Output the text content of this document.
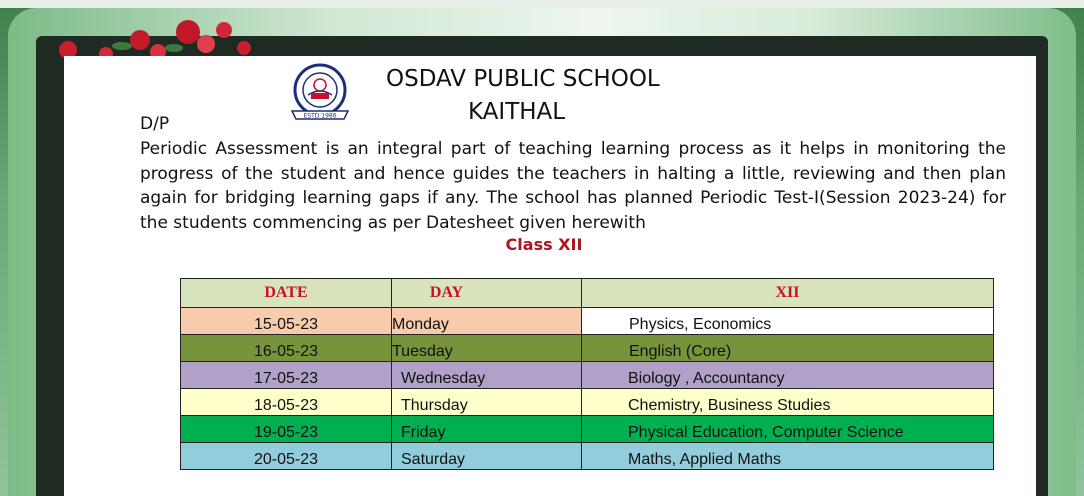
ESTD 1986
OSDAV PUBLIC SCHOOL
KAITHAL
D/P
Periodic Assessment is an integral part of teaching learning process as it helps in monitoring the progress of the student and hence guides the teachers in halting a little, reviewing and then plan again for bridging learning gaps if any. The school has planned Periodic Test-I(Session 2023-24) for the students commencing as per Datesheet given herewith
Class XII
DATE	DAY	XII
15-05-23	Monday	Physics, Economics
16-05-23	Tuesday	English (Core)
17-05-23	Wednesday	Biology , Accountancy
18-05-23	Thursday	Chemistry, Business Studies
19-05-23	Friday	Physical Education, Computer Science
20-05-23	Saturday	Maths, Applied Maths
